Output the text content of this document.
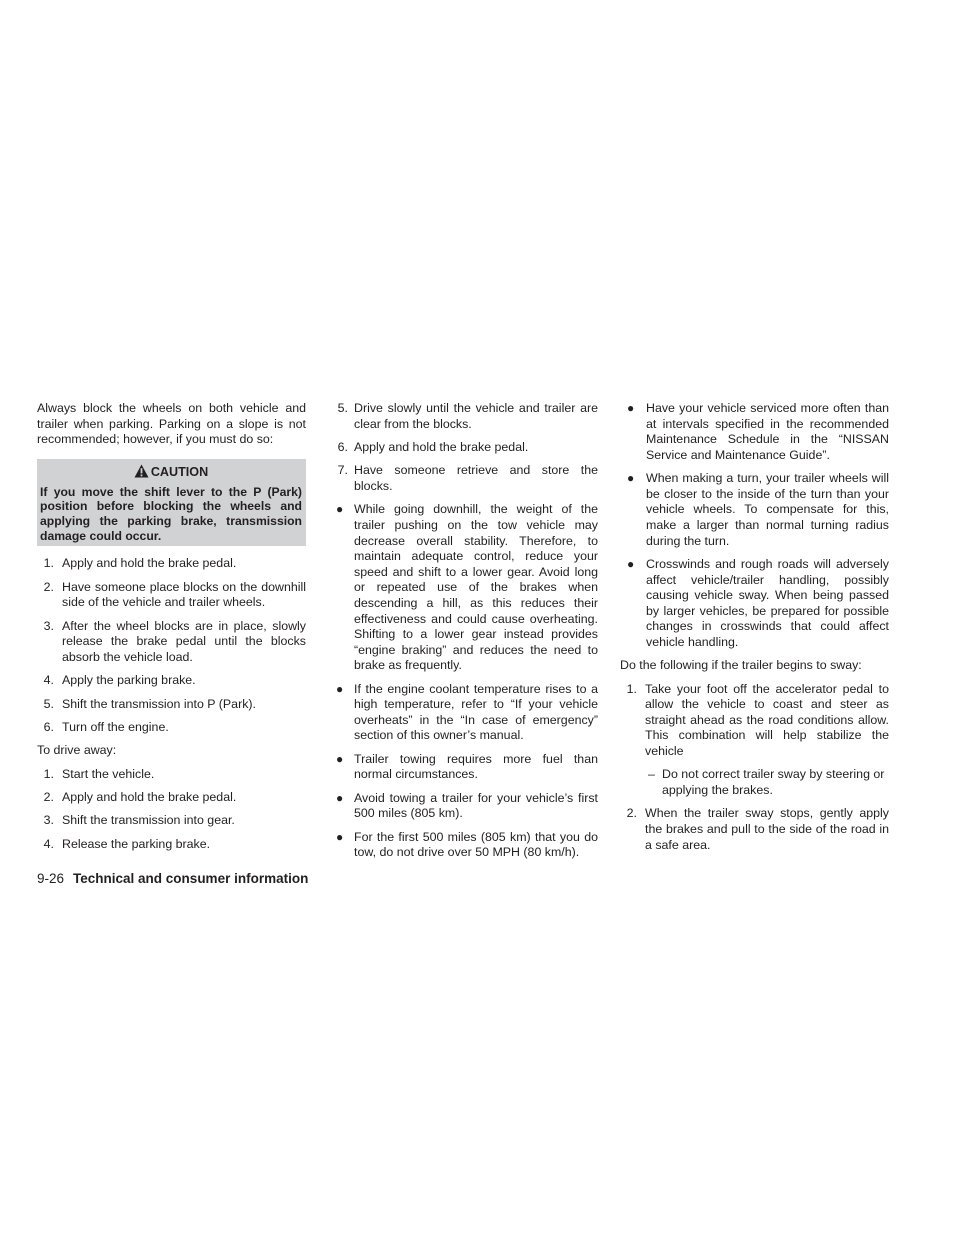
Always block the wheels on both vehicle and trailer when parking. Parking on a slope is not recommended; however, if you must do so:

CAUTION
If you move the shift lever to the P (Park) position before blocking the wheels and applying the parking brake, transmission damage could occur.
1. Apply and hold the brake pedal.
2. Have someone place blocks on the downhill side of the vehicle and trailer wheels.
3. After the wheel blocks are in place, slowly release the brake pedal until the blocks absorb the vehicle load.
4. Apply the parking brake.
5. Shift the transmission into P (Park).
6. Turn off the engine.

To drive away:

1. Start the vehicle.
2. Apply and hold the brake pedal.
3. Shift the transmission into gear.
4. Release the parking brake.
5. Drive slowly until the vehicle and trailer are clear from the blocks.
6. Apply and hold the brake pedal.
7. Have someone retrieve and store the blocks.
● While going downhill, the weight of the trailer pushing on the tow vehicle may decrease overall stability. Therefore, to maintain adequate control, reduce your speed and shift to a lower gear. Avoid long or repeated use of the brakes when descending a hill, as this reduces their effectiveness and could cause overheating. Shifting to a lower gear instead provides “engine braking” and reduces the need to brake as frequently.
● If the engine coolant temperature rises to a high temperature, refer to “If your vehicle overheats” in the “In case of emergency” section of this owner’s manual.
● Trailer towing requires more fuel than normal circumstances.
● Avoid towing a trailer for your vehicle’s first 500 miles (805 km).
● For the first 500 miles (805 km) that you do tow, do not drive over 50 MPH (80 km/h).
● Have your vehicle serviced more often than at intervals specified in the recommended Maintenance Schedule in the “NISSAN Service and Maintenance Guide”.
● When making a turn, your trailer wheels will be closer to the inside of the turn than your vehicle wheels. To compensate for this, make a larger than normal turning radius during the turn.
● Crosswinds and rough roads will adversely affect vehicle/trailer handling, possibly causing vehicle sway. When being passed by larger vehicles, be prepared for possible changes in crosswinds that could affect vehicle handling.

Do the following if the trailer begins to sway:

1. Take your foot off the accelerator pedal to allow the vehicle to coast and steer as straight ahead as the road conditions allow. This combination will help stabilize the vehicle
– Do not correct trailer sway by steering or applying the brakes.
2. When the trailer sway stops, gently apply the brakes and pull to the side of the road in a safe area.
9-26 Technical and consumer information
